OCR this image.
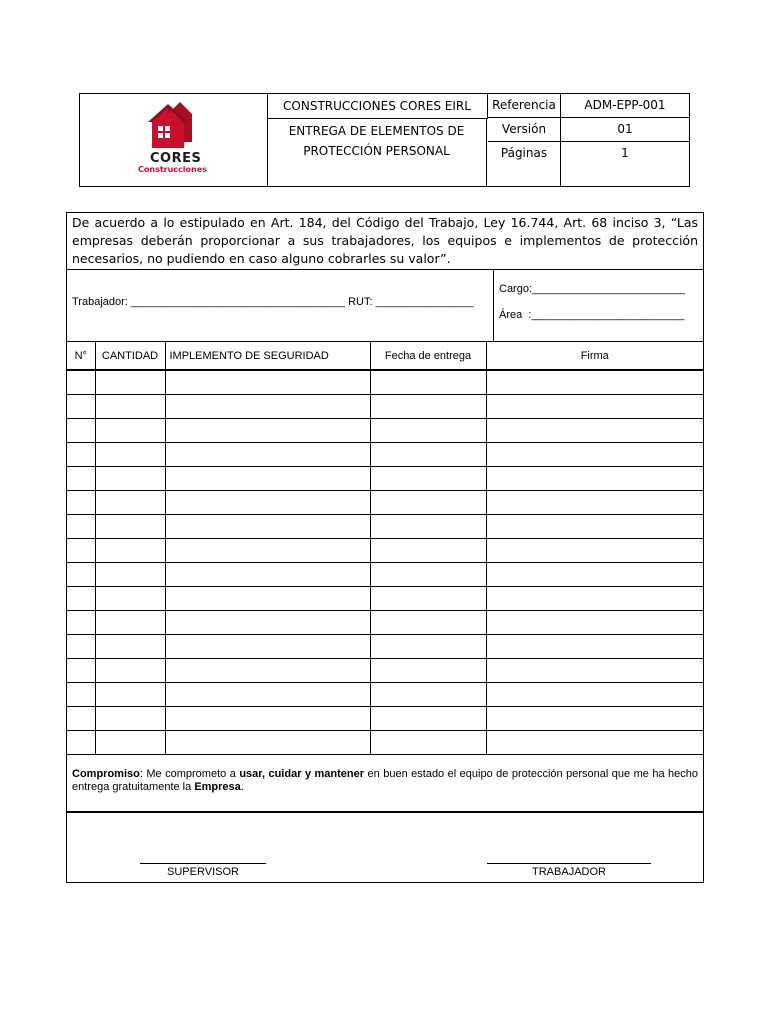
CORES
Construcciones
CONSTRUCCIONES CORES EIRL
ENTREGA DE ELEMENTOS DE
PROTECCIÓN PERSONAL
Referencia	ADM-EPP-001
Versión	01
Páginas	1
De acuerdo a lo estipulado en Art. 184, del Código del Trabajo, Ley 16.744, Art. 68 inciso 3, “Las empresas deberán proporcionar a sus trabajadores, los equipos e implementos de protección necesarios, no pudiendo en caso alguno cobrarles su valor”.
Trabajador: ___________________________________ RUT: ________________
Cargo:_________________________
Área  :_________________________
N°	CANTIDAD	IMPLEMENTO DE SEGURIDAD	Fecha de entrega	Firma

Compromiso: Me comprometo a usar, cuidar y mantener en buen estado el equipo de protección personal que me ha hecho entrega gratuitamente la Empresa.
SUPERVISOR	TRABAJADOR
